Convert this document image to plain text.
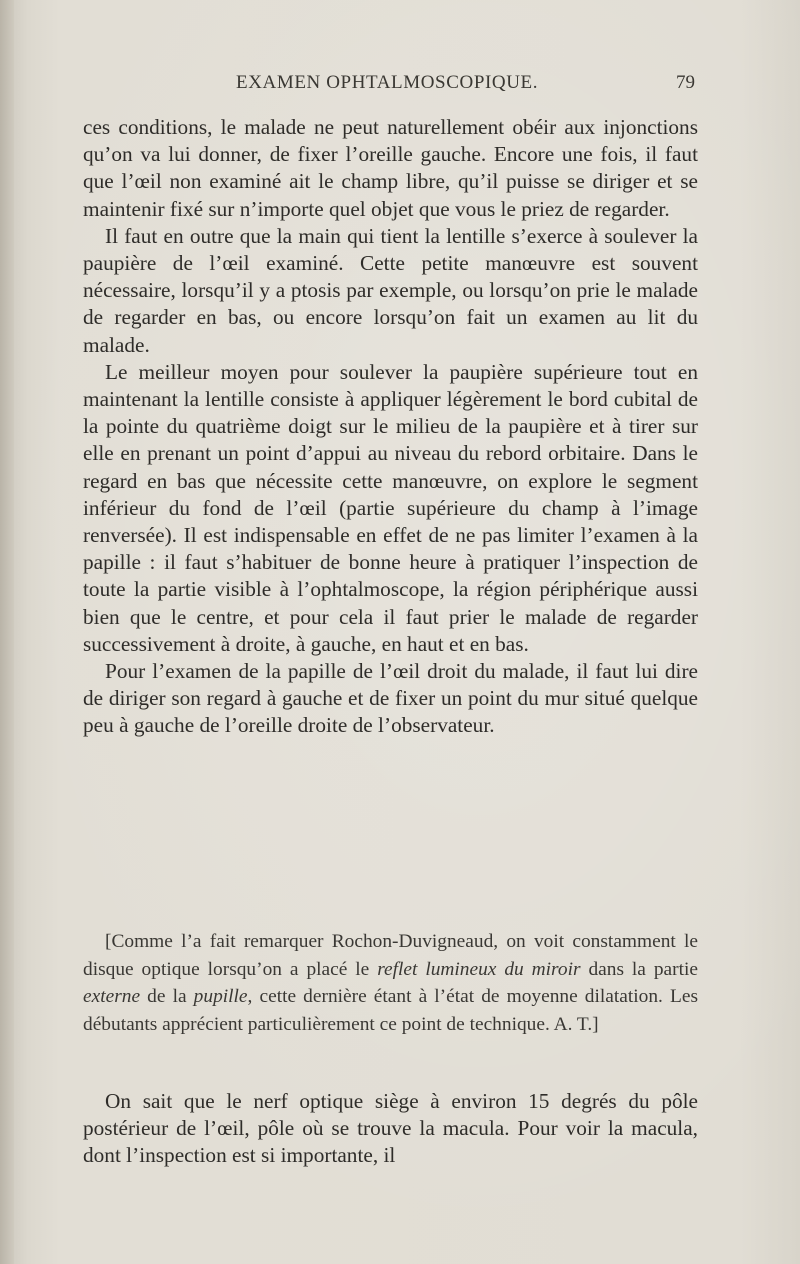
EXAMEN OPHTALMOSCOPIQUE.	79

ces conditions, le malade ne peut naturellement obéir aux injonctions qu’on va lui donner, de fixer l’oreille gauche. Encore une fois, il faut que l’œil non examiné ait le champ libre, qu’il puisse se diriger et se maintenir fixé sur n’importe quel objet que vous le priez de regarder.

Il faut en outre que la main qui tient la lentille s’exerce à soulever la paupière de l’œil examiné. Cette petite manœuvre est souvent nécessaire, lorsqu’il y a ptosis par exemple, ou lorsqu’on prie le malade de regarder en bas, ou encore lorsqu’on fait un examen au lit du malade.

Le meilleur moyen pour soulever la paupière supérieure tout en maintenant la lentille consiste à appliquer légèrement le bord cubital de la pointe du quatrième doigt sur le milieu de la paupière et à tirer sur elle en prenant un point d’appui au niveau du rebord orbitaire. Dans le regard en bas que nécessite cette manœuvre, on explore le segment inférieur du fond de l’œil (partie supérieure du champ à l’image renversée). Il est indispensable en effet de ne pas limiter l’examen à la papille : il faut s’habituer de bonne heure à pratiquer l’inspection de toute la partie visible à l’ophtalmoscope, la région périphérique aussi bien que le centre, et pour cela il faut prier le malade de regarder successivement à droite, à gauche, en haut et en bas.

Pour l’examen de la papille de l’œil droit du malade, il faut lui dire de diriger son regard à gauche et de fixer un point du mur situé quelque peu à gauche de l’oreille droite de l’observateur.

[Comme l’a fait remarquer Rochon-Duvigneaud, on voit constamment le disque optique lorsqu’on a placé le reflet lumineux du miroir dans la partie externe de la pupille, cette dernière étant à l’état de moyenne dilatation. Les débutants apprécient particulièrement ce point de technique. A. T.]

On sait que le nerf optique siège à environ 15 degrés du pôle postérieur de l’œil, pôle où se trouve la macula. Pour voir la macula, dont l’inspection est si importante, il
